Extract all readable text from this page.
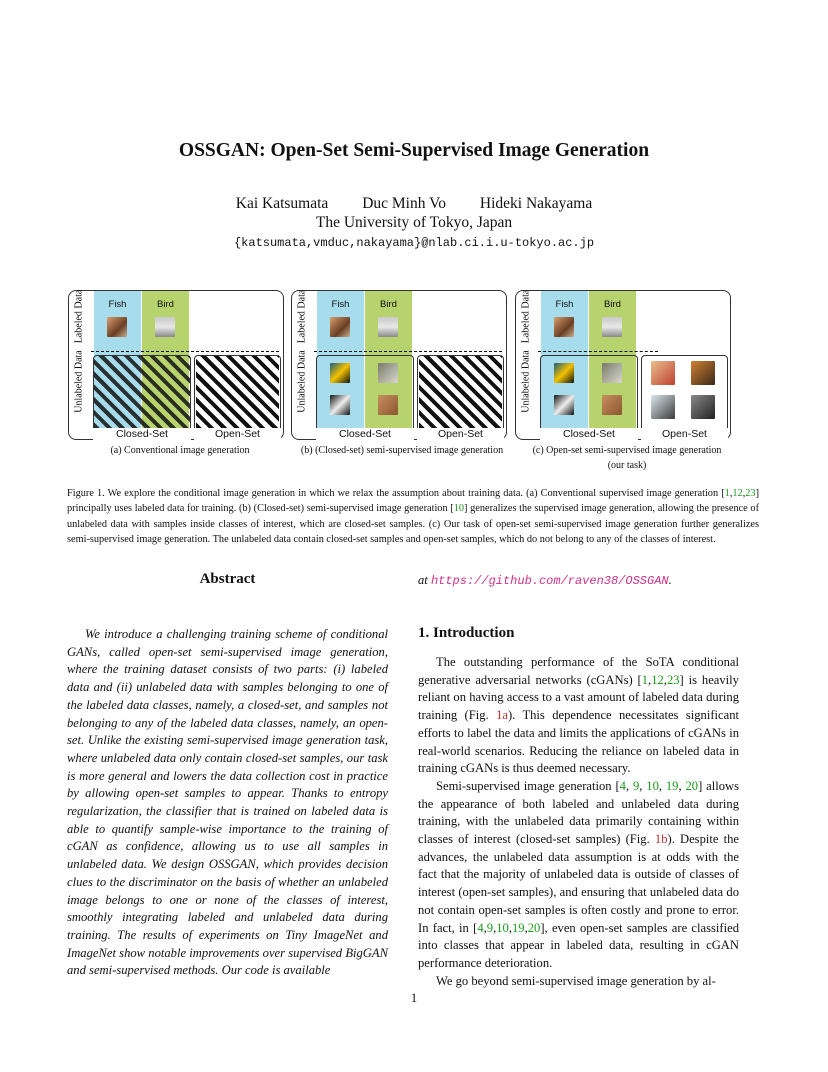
OSSGAN: Open-Set Semi-Supervised Image Generation
Kai Katsumata Duc Minh Vo Hideki Nakayama
The University of Tokyo, Japan
{katsumata,vmduc,nakayama}@nlab.ci.i.u-tokyo.ac.jp
Labeled Data
Unlabeled Data
Fish	Bird
Closed-Set	Open-Set
Labeled Data
Unlabeled Data
Fish	Bird
Closed-Set	Open-Set
Labeled Data
Unlabeled Data
Fish	Bird
Closed-Set	Open-Set
(a) Conventional image generation	(b) (Closed-set) semi-supervised image generation	(c) Open-set semi-supervised image generation
(our task)
Figure 1. We explore the conditional image generation in which we relax the assumption about training data. (a) Conventional supervised image generation [1,12,23] principally uses labeled data for training. (b) (Closed-set) semi-supervised image generation [10] generalizes the supervised image generation, allowing the presence of unlabeled data with samples inside classes of interest, which are closed-set samples. (c) Our task of open-set semi-supervised image generation further generalizes semi-supervised image generation. The unlabeled data contain closed-set samples and open-set samples, which do not belong to any of the classes of interest.
Abstract
We introduce a challenging training scheme of conditional GANs, called open-set semi-supervised image generation, where the training dataset consists of two parts: (i) labeled data and (ii) unlabeled data with samples belonging to one of the labeled data classes, namely, a closed-set, and samples not belonging to any of the labeled data classes, namely, an open-set. Unlike the existing semi-supervised image generation task, where unlabeled data only contain closed-set samples, our task is more general and lowers the data collection cost in practice by allowing open-set samples to appear. Thanks to entropy regularization, the classifier that is trained on labeled data is able to quantify sample-wise importance to the training of cGAN as confidence, allowing us to use all samples in unlabeled data. We design OSSGAN, which provides decision clues to the discriminator on the basis of whether an unlabeled image belongs to one or none of the classes of interest, smoothly integrating labeled and unlabeled data during training. The results of experiments on Tiny ImageNet and ImageNet show notable improvements over supervised BigGAN and semi-supervised methods. Our code is available
at https://github.com/raven38/OSSGAN.
1. Introduction

The outstanding performance of the SoTA conditional generative adversarial networks (cGANs) [1,12,23] is heavily reliant on having access to a vast amount of labeled data during training (Fig. 1a). This dependence necessitates significant efforts to label the data and limits the applications of cGANs in real-world scenarios. Reducing the reliance on labeled data in training cGANs is thus deemed necessary.

Semi-supervised image generation [4, 9, 10, 19, 20] allows the appearance of both labeled and unlabeled data during training, with the unlabeled data primarily containing within classes of interest (closed-set samples) (Fig. 1b). Despite the advances, the unlabeled data assumption is at odds with the fact that the majority of unlabeled data is outside of classes of interest (open-set samples), and ensuring that unlabeled data do not contain open-set samples is often costly and prone to error. In fact, in [4,9,10,19,20], even open-set samples are classified into classes that appear in labeled data, resulting in cGAN performance deterioration.

We go beyond semi-supervised image generation by al-

1
